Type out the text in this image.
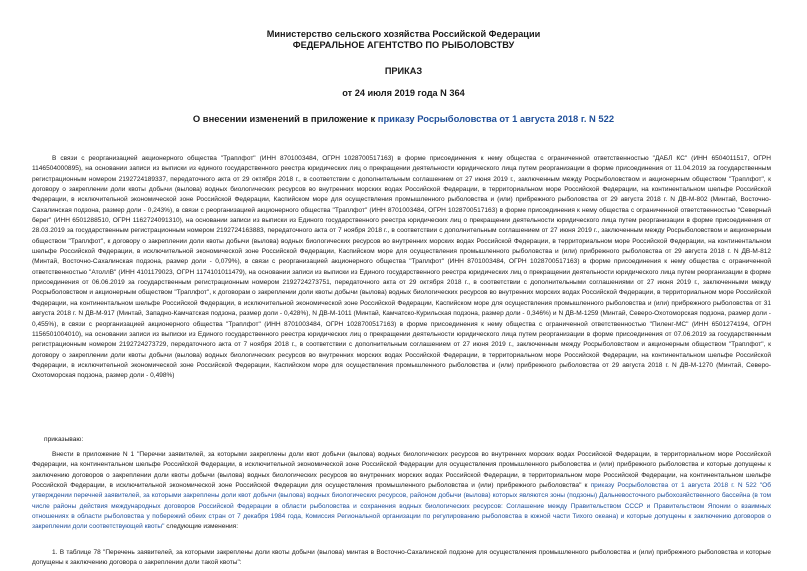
Министерство сельского хозяйства Российской Федерации
ФЕДЕРАЛЬНОЕ АГЕНТСТВО ПО РЫБОЛОВСТВУ
ПРИКАЗ
от 24 июля 2019 года N 364
О внесении изменений в приложение к приказу Росрыболовства от 1 августа 2018 г. N 522
В связи с реорганизацией акционерного общества "Траплфот" (ИНН 8701003484, ОГРН 1028700517163) в форме присоединения к нему общества с ограниченной ответственностью "ДАБЛ КС" (ИНН 6504011517, ОГРН 1146504000895), на основании записи из выписки из единого государственного реестра юридических лиц о прекращении деятельности юридического лица путем реорганизации в форме присоединения от 11.04.2019 за государственным регистрационным номером 2192724189337, передаточного акта от 29 октября 2018 г., в соответствии с дополнительным соглашением от 27 июня 2019 г., заключенным между Росрыболовством и акционерным обществом "Траплфот", к договору о закреплении доли квоты добычи (вылова) водных биологических ресурсов во внутренних морских водах Российской Федерации, в территориальном море Российской Федерации, на континентальном шельфе Российской Федерации, в исключительной экономической зоне Российской Федерации, Каспийском море для осуществления промышленного рыболовства и (или) прибрежного рыболовства от 29 августа 2018 г. N ДВ-М-802 (Минтай, Восточно-Сахалинская подзона, размер доли - 0,243%), в связи с реорганизацией акционерного общества "Траплфот" (ИНН 8701003484, ОГРН 1028700517163) в форме присоединения к нему общества с ограниченной ответственностью "Северный берег" (ИНН 6501288510, ОГРН 1162724091310), на основании записи из выписки из Единого государственного реестра юридических лиц о прекращении деятельности юридического лица путем реорганизации в форме присоединения от 28.03.2019 за государственным регистрационным номером 2192724163883, передаточного акта от 7 ноября 2018 г., в соответствии с дополнительным соглашением от 27 июня 2019 г., заключенным между Росрыболовством и акционерным обществом "Траплфот", к договору о закреплении доли квоты добычи (вылова) водных биологических ресурсов во внутренних морских водах Российской Федерации, в территориальном море Российской Федерации, на континентальном шельфе Российской Федерации, в исключительной экономической зоне Российской Федерации, Каспийском море для осуществления промышленного рыболовства и (или) прибрежного рыболовства от 29 августа 2018 г. N ДВ-М-812 (Минтай, Восточно-Сахалинская подзона, размер доли - 0,079%), в связи с реорганизацией акционерного общества "Траплфот" (ИНН 8701003484, ОГРН 1028700517163) в форме присоединения к нему общества с ограниченной ответственностью "АтоллВ" (ИНН 4101179023, ОГРН 1174101011479), на основании записи из выписки из Единого государственного реестра юридических лиц о прекращении деятельности юридического лица путем реорганизации в форме присоединения от 06.06.2019 за государственным регистрационным номером 2192724273751, передаточного акта от 29 октября 2018 г., в соответствии с дополнительными соглашениями от 27 июня 2019 г., заключенными между Росрыболовством и акционерным обществом "Траплфот", к договорам о закреплении доли квоты добычи (вылова) водных биологических ресурсов во внутренних морских водах Российской Федерации, в территориальном море Российской Федерации, на континентальном шельфе Российской Федерации, в исключительной экономической зоне Российской Федерации, Каспийском море для осуществления промышленного рыболовства и (или) прибрежного рыболовства от 31 августа 2018 г. N ДВ-М-917 (Минтай, Западно-Камчатская подзона, размер доли - 0,428%), N ДВ-М-1011 (Минтай, Камчатско-Курильская подзона, размер доли - 0,346%) и N ДВ-М-1259 (Минтай, Северо-Охотоморская подзона, размер доли - 0,455%), в связи с реорганизацией акционерного общества "Траплфот" (ИНН 8701003484, ОГРН 1028700517163) в форме присоединения к нему общества с ограниченной ответственностью "Пиленг-МС" (ИНН 6501274194, ОГРН 1156501004010), на основании записи из выписки из Единого государственного реестра юридических лиц о прекращении деятельности юридического лица путем реорганизации в форме присоединения от 07.06.2019 за государственным регистрационным номером 2192724273729, передаточного акта от 7 ноября 2018 г., в соответствии с дополнительным соглашением от 27 июня 2019 г., заключенным между Росрыболовством и акционерным обществом "Траплфот", к договору о закреплении доли квоты добычи (вылова) водных биологических ресурсов во внутренних морских водах Российской Федерации, в территориальном море Российской Федерации, на континентальном шельфе Российской Федерации, в исключительной экономической зоне Российской Федерации, Каспийском море для осуществления промышленного рыболовства и (или) прибрежного рыболовства от 29 августа 2018 г. N ДВ-М-1270 (Минтай, Северо-Охотоморская подзона, размер доли - 0,498%)
приказываю:
Внести в приложение N 1 "Перечни заявителей, за которыми закреплены доли квот добычи (вылова) водных биологических ресурсов во внутренних морских водах Российской Федерации, в территориальном море Российской Федерации, на континентальном шельфе Российской Федерации, в исключительной экономической зоне Российской Федерации для осуществления промышленного рыболовства и (или) прибрежного рыболовства и которые допущены к заключению договоров о закреплении доли квоты добычи (вылова) водных биологических ресурсов во внутренних морских водах Российской Федерации, в территориальном море Российской Федерации, на континентальном шельфе Российской Федерации, в исключительной экономической зоне Российской Федерации для осуществления промышленного рыболовства и (или) прибрежного рыболовства" к приказу Росрыболовства от 1 августа 2018 г. N 522 "Об утверждении перечней заявителей, за которыми закреплены доли квот добычи (вылова) водных биологических ресурсов, районом добычи (вылова) которых являются зоны (подзоны) Дальневосточного рыбохозяйственного бассейна (в том числе районы действия международных договоров Российской Федерации в области рыболовства и сохранения водных биологических ресурсов: Соглашение между Правительством СССР и Правительством Японии о взаимных отношениях в области рыболовства у побережий обеих стран от 7 декабря 1984 года, Комиссия Региональной организации по регулированию рыболовства в южной части Тихого океана) и которые допущены к заключению договоров о закреплении доли соответствующей квоты" следующие изменения:
1. В таблице 78 "Перечень заявителей, за которыми закреплены доли квоты добычи (вылова) минтая в Восточно-Сахалинской подзоне для осуществления промышленного рыболовства и (или) прибрежного рыболовства и которые допущены к заключению договора о закреплении доли такой квоты":
